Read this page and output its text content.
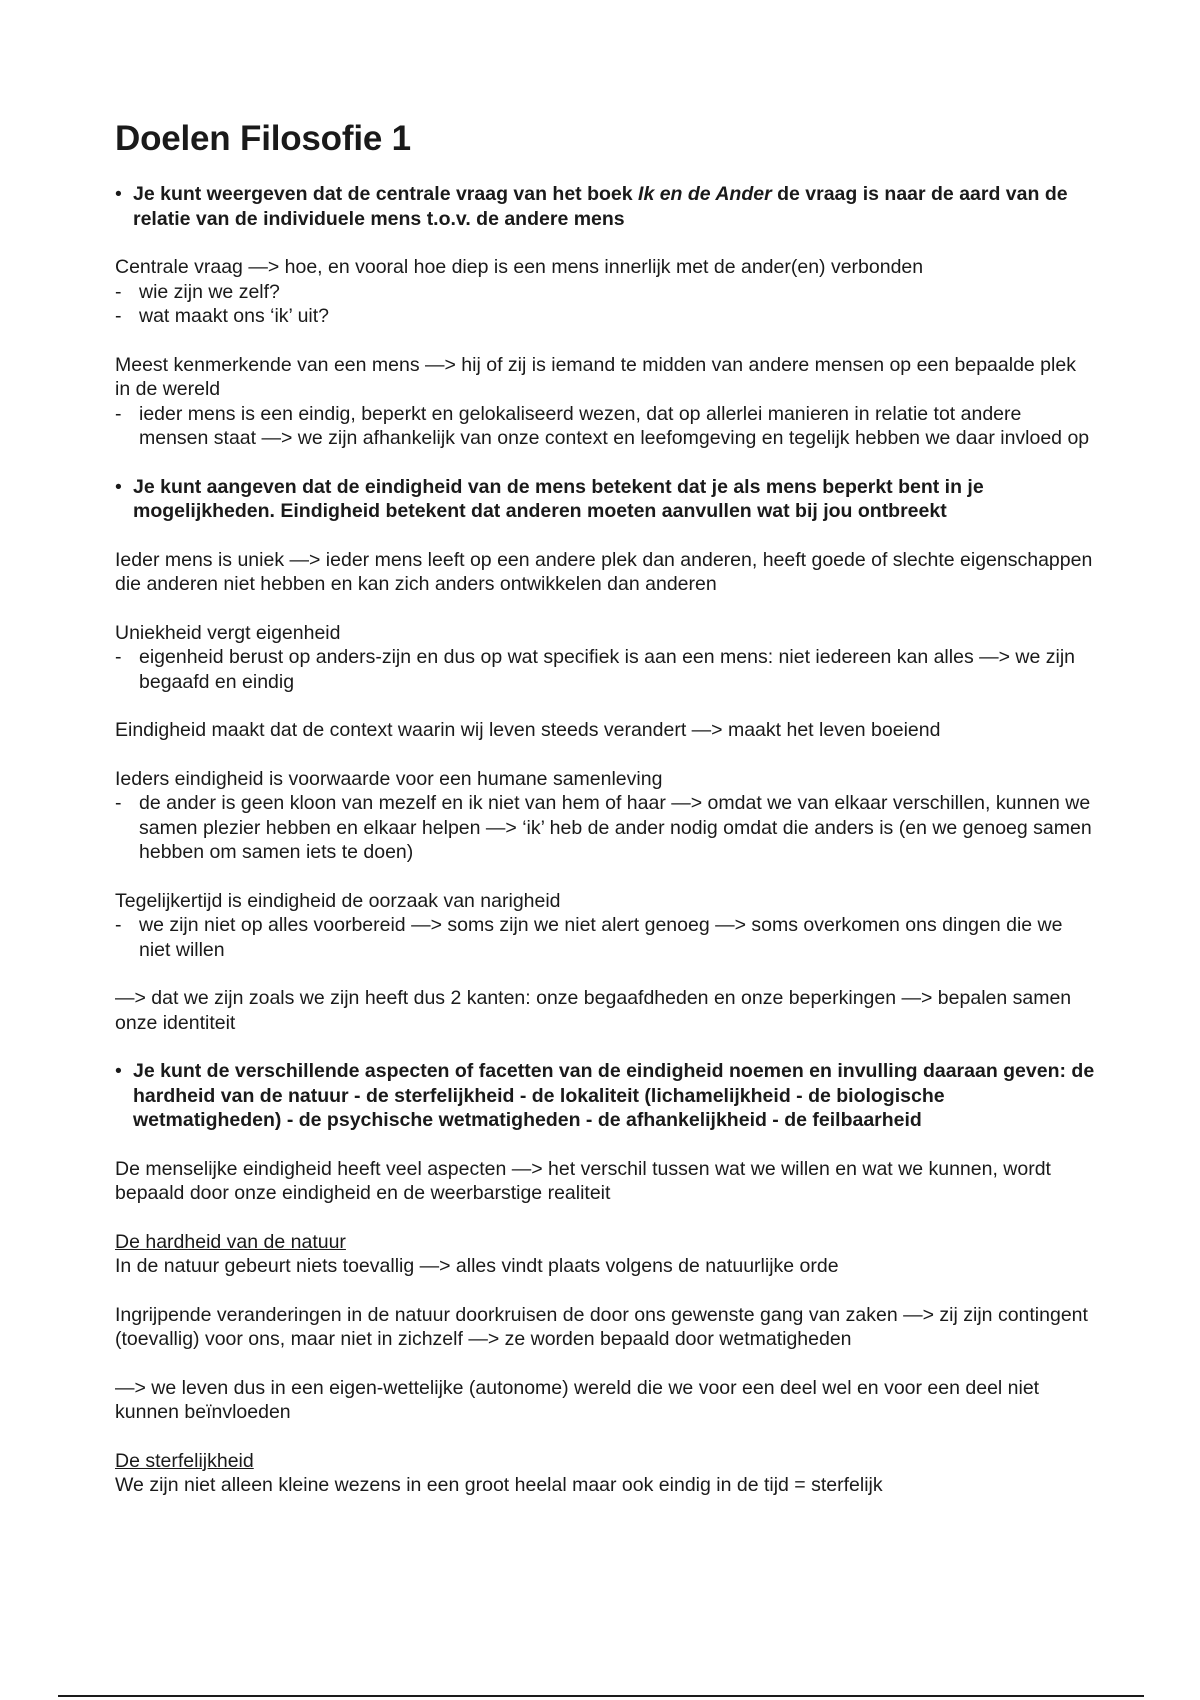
Doelen Filosofie 1
• Je kunt weergeven dat de centrale vraag van het boek Ik en de Ander de vraag is naar de aard van de relatie van de individuele mens t.o.v. de andere mens

Centrale vraag —> hoe, en vooral hoe diep is een mens innerlijk met de ander(en) verbonden

- wie zijn we zelf?
- wat maakt ons ‘ik’ uit?

Meest kenmerkende van een mens —> hij of zij is iemand te midden van andere mensen op een bepaalde plek in de wereld

- ieder mens is een eindig, beperkt en gelokaliseerd wezen, dat op allerlei manieren in relatie tot andere mensen staat —> we zijn afhankelijk van onze context en leefomgeving en tegelijk hebben we daar invloed op
• Je kunt aangeven dat de eindigheid van de mens betekent dat je als mens beperkt bent in je mogelijkheden. Eindigheid betekent dat anderen moeten aanvullen wat bij jou ontbreekt

Ieder mens is uniek —> ieder mens leeft op een andere plek dan anderen, heeft goede of slechte eigenschappen die anderen niet hebben en kan zich anders ontwikkelen dan anderen

Uniekheid vergt eigenheid

- eigenheid berust op anders-zijn en dus op wat specifiek is aan een mens: niet iedereen kan alles —> we zijn begaafd en eindig

Eindigheid maakt dat de context waarin wij leven steeds verandert —> maakt het leven boeiend

Ieders eindigheid is voorwaarde voor een humane samenleving

- de ander is geen kloon van mezelf en ik niet van hem of haar —> omdat we van elkaar verschillen, kunnen we samen plezier hebben en elkaar helpen —> ‘ik’ heb de ander nodig omdat die anders is (en we genoeg samen hebben om samen iets te doen)

Tegelijkertijd is eindigheid de oorzaak van narigheid

- we zijn niet op alles voorbereid —> soms zijn we niet alert genoeg —> soms overkomen ons dingen die we niet willen

—> dat we zijn zoals we zijn heeft dus 2 kanten: onze begaafdheden en onze beperkingen —> bepalen samen onze identiteit

• Je kunt de verschillende aspecten of facetten van de eindigheid noemen en invulling daaraan geven: de hardheid van de natuur - de sterfelijkheid - de lokaliteit (lichamelijkheid - de biologische wetmatigheden) - de psychische wetmatigheden - de afhankelijkheid - de feilbaarheid

De menselijke eindigheid heeft veel aspecten —> het verschil tussen wat we willen en wat we kunnen, wordt bepaald door onze eindigheid en de weerbarstige realiteit

De hardheid van de natuur
In de natuur gebeurt niets toevallig —> alles vindt plaats volgens de natuurlijke orde

Ingrijpende veranderingen in de natuur doorkruisen de door ons gewenste gang van zaken —> zij zijn contingent (toevallig) voor ons, maar niet in zichzelf —> ze worden bepaald door wetmatigheden

—> we leven dus in een eigen-wettelijke (autonome) wereld die we voor een deel wel en voor een deel niet kunnen beïnvloeden

De sterfelijkheid
We zijn niet alleen kleine wezens in een groot heelal maar ook eindig in de tijd = sterfelijk
